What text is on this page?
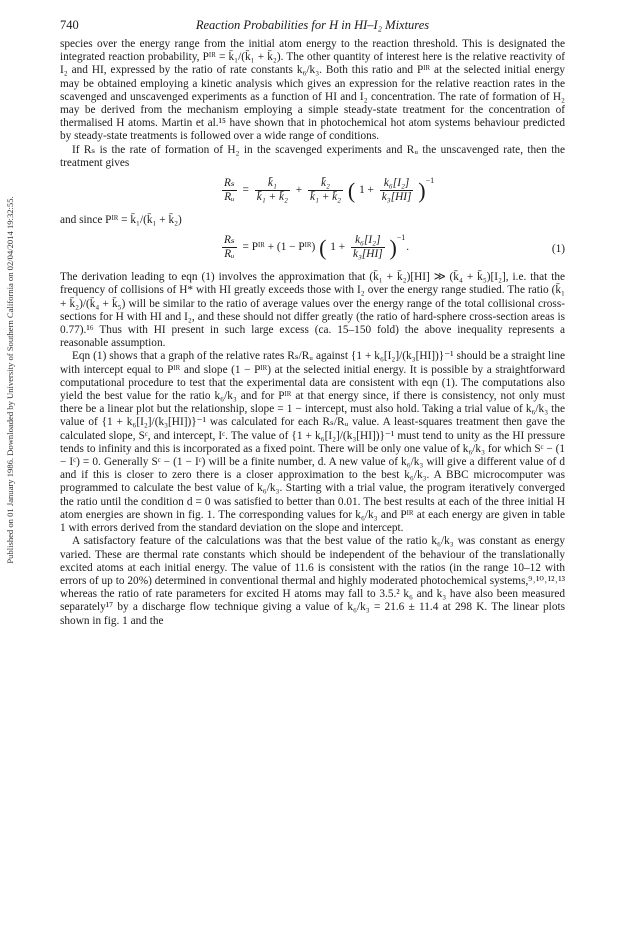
Published on 01 January 1986. Downloaded by University of Southern California on 02/04/2014 19:32:55.
740	Reaction Probabilities for H in HI–I₂ Mixtures

species over the energy range from the initial atom energy to the reaction threshold. This is designated the integrated reaction probability, Pᴵᴿ = k̄₁/(k̄₁ + k̄₂). The other quantity of interest here is the relative reactivity of I₂ and HI, expressed by the ratio of rate constants k₆/k₃. Both this ratio and Pᴵᴿ at the selected initial energy may be obtained employing a kinetic analysis which gives an expression for the relative reaction rates in the scavenged and unscavenged experiments as a function of HI and I₂ concentration. The rate of formation of H₂ may be derived from the mechanism employing a simple steady-state treatment for the concentration of thermalised H atoms. Martin et al.¹⁵ have shown that in photochemical hot atom systems behaviour predicted by steady-state treatments is followed over a wide range of conditions.

If Rₛ is the rate of formation of H₂ in the scavenged experiments and Rᵤ the unscavenged rate, then the treatment gives

$\frac{\text{Rₛ}}{\text{Rᵤ}} = \frac{\text{k̄₁}}{\text{k̄₁ + k̄₂}} + \frac{\text{k̄₂}}{\text{k̄₁ + k̄₂}}$ ( $1 + \frac{\text{k₆[I₂]}}{\text{k₃[HI]}} )^{-1}$

and since Pᴵᴿ = k̄₁/(k̄₁ + k̄₂)

$\frac{\text{Rₛ}}{\text{Rᵤ}}$ = Pᴵᴿ + (1 − Pᴵᴿ) ( $1 + \frac{\text{k₆[I₂]}}{\text{k₃[HI]}} )^{-1}$.	(1)

The derivation leading to eqn (1) involves the approximation that (k̄₁ + k̄₂)[HI] ≫ (k̄₄ + k̄₅)[I₂], i.e. that the frequency of collisions of H* with HI greatly exceeds those with I₂ over the energy range studied. The ratio (k̄₁ + k̄₂)/(k̄₄ + k̄₅) will be similar to the ratio of average values over the energy range of the total collisional cross-sections for H with HI and I₂, and these should not differ greatly (the ratio of hard-sphere cross-section areas is 0.77).¹⁶ Thus with HI present in such large excess (ca. 15–150 fold) the above inequality represents a reasonable assumption.

Eqn (1) shows that a graph of the relative rates Rₛ/Rᵤ against {1 + k₆[I₂]/(k₃[HI])}⁻¹ should be a straight line with intercept equal to Pᴵᴿ and slope (1 − Pᴵᴿ) at the selected initial energy. It is possible by a straightforward computational procedure to test that the experimental data are consistent with eqn (1). The computations also yield the best value for the ratio k₆/k₃ and for Pᴵᴿ at that energy since, if there is consistency, not only must there be a linear plot but the relationship, slope = 1 − intercept, must also hold. Taking a trial value of k₆/k₃ the value of {1 + k₆[I₂]/(k₃[HI])}⁻¹ was calculated for each Rₛ/Rᵤ value. A least-squares treatment then gave the calculated slope, Sᶜ, and intercept, Iᶜ. The value of {1 + k₆[I₂]/(k₃[HI])}⁻¹ must tend to unity as the HI pressure tends to infinity and this is incorporated as a fixed point. There will be only one value of k₆/k₃ for which Sᶜ − (1 − Iᶜ) = 0. Generally Sᶜ − (1 − Iᶜ) will be a finite number, d. A new value of k₆/k₃ will give a different value of d and if this is closer to zero there is a closer approximation to the best k₆/k₃. A BBC microcomputer was programmed to calculate the best value of k₆/k₃. Starting with a trial value, the program iteratively converged the ratio until the condition d = 0 was satisfied to better than 0.01. The best results at each of the three initial H atom energies are shown in fig. 1. The corresponding values for k₆/k₃ and Pᴵᴿ at each energy are given in table 1 with errors derived from the standard deviation on the slope and intercept.

A satisfactory feature of the calculations was that the best value of the ratio k₆/k₃ was constant as energy varied. These are thermal rate constants which should be independent of the behaviour of the translationally excited atoms at each initial energy. The value of 11.6 is consistent with the ratios (in the range 10–12 with errors of up to 20%) determined in conventional thermal and highly moderated photochemical systems,⁹˒¹⁰˒¹²˒¹³ whereas the ratio of rate parameters for excited H atoms may fall to 3.5.² k₆ and k₃ have also been measured separately¹⁷ by a discharge flow technique giving a value of k₆/k₃ = 21.6 ± 11.4 at 298 K. The linear plots shown in fig. 1 and the
